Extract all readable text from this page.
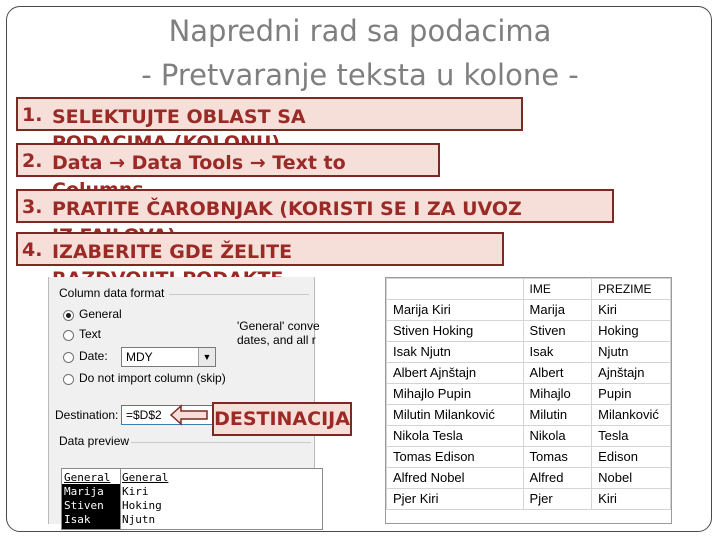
Napredni rad sa podacima
- Pretvaranje teksta u kolone -
1. SELEKTUJTE OBLAST SA
2. Data → Data Tools → Text to
3. PRATITE ČAROBNJAK (KORISTI SE I ZA UVOZ
4. IZABERITE GDE ŽELITE
Column data format
General
Text
Date:	MDY	▼
Do not import column (skip)
'General' conve
dates, and all r
Destination: =$D$2
Data preview
General	General
Marija	Kiri
Stiven	Hoking
Isak	Njutn
DESTINACIJA
	IME	PREZIME
Marija Kiri	Marija	Kiri
Stiven Hoking	Stiven	Hoking
Isak Njutn	Isak	Njutn
Albert Ajnštajn	Albert	Ajnštajn
Mihajlo Pupin	Mihajlo	Pupin
Milutin Milanković	Milutin	Milanković
Nikola Tesla	Nikola	Tesla
Tomas Edison	Tomas	Edison
Alfred Nobel	Alfred	Nobel
Pjer Kiri	Pjer	Kiri
